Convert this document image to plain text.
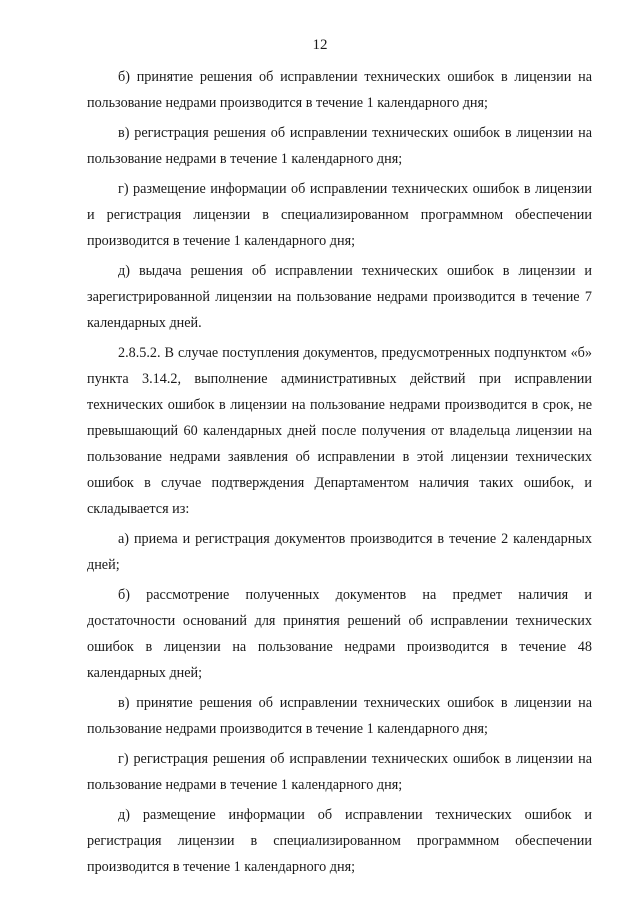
12

б) принятие решения об исправлении технических ошибок в лицензии на пользование недрами производится в течение 1 календарного дня;

в) регистрация решения об исправлении технических ошибок в лицензии на пользование недрами в течение 1 календарного дня;

г) размещение информации об исправлении технических ошибок в лицензии и регистрация лицензии в специализированном программном обеспечении производится в течение 1 календарного дня;

д) выдача решения об исправлении технических ошибок в лицензии и зарегистрированной лицензии на пользование недрами производится в течение 7 календарных дней.

2.8.5.2. В случае поступления документов, предусмотренных подпунктом «б» пункта 3.14.2, выполнение административных действий при исправлении технических ошибок в лицензии на пользование недрами производится в срок, не превышающий 60 календарных дней после получения от владельца лицензии на пользование недрами заявления об исправлении в этой лицензии технических ошибок в случае подтверждения Департаментом наличия таких ошибок, и складывается из:

а) приема и регистрация документов производится в течение 2 календарных дней;

б) рассмотрение полученных документов на предмет наличия и достаточности оснований для принятия решений об исправлении технических ошибок в лицензии на пользование недрами производится в течение 48 календарных дней;

в) принятие решения об исправлении технических ошибок в лицензии на пользование недрами производится в течение 1 календарного дня;

г) регистрация решения об исправлении технических ошибок в лицензии на пользование недрами в течение 1 календарного дня;

д) размещение информации об исправлении технических ошибок и регистрация лицензии в специализированном программном обеспечении производится в течение 1 календарного дня;
